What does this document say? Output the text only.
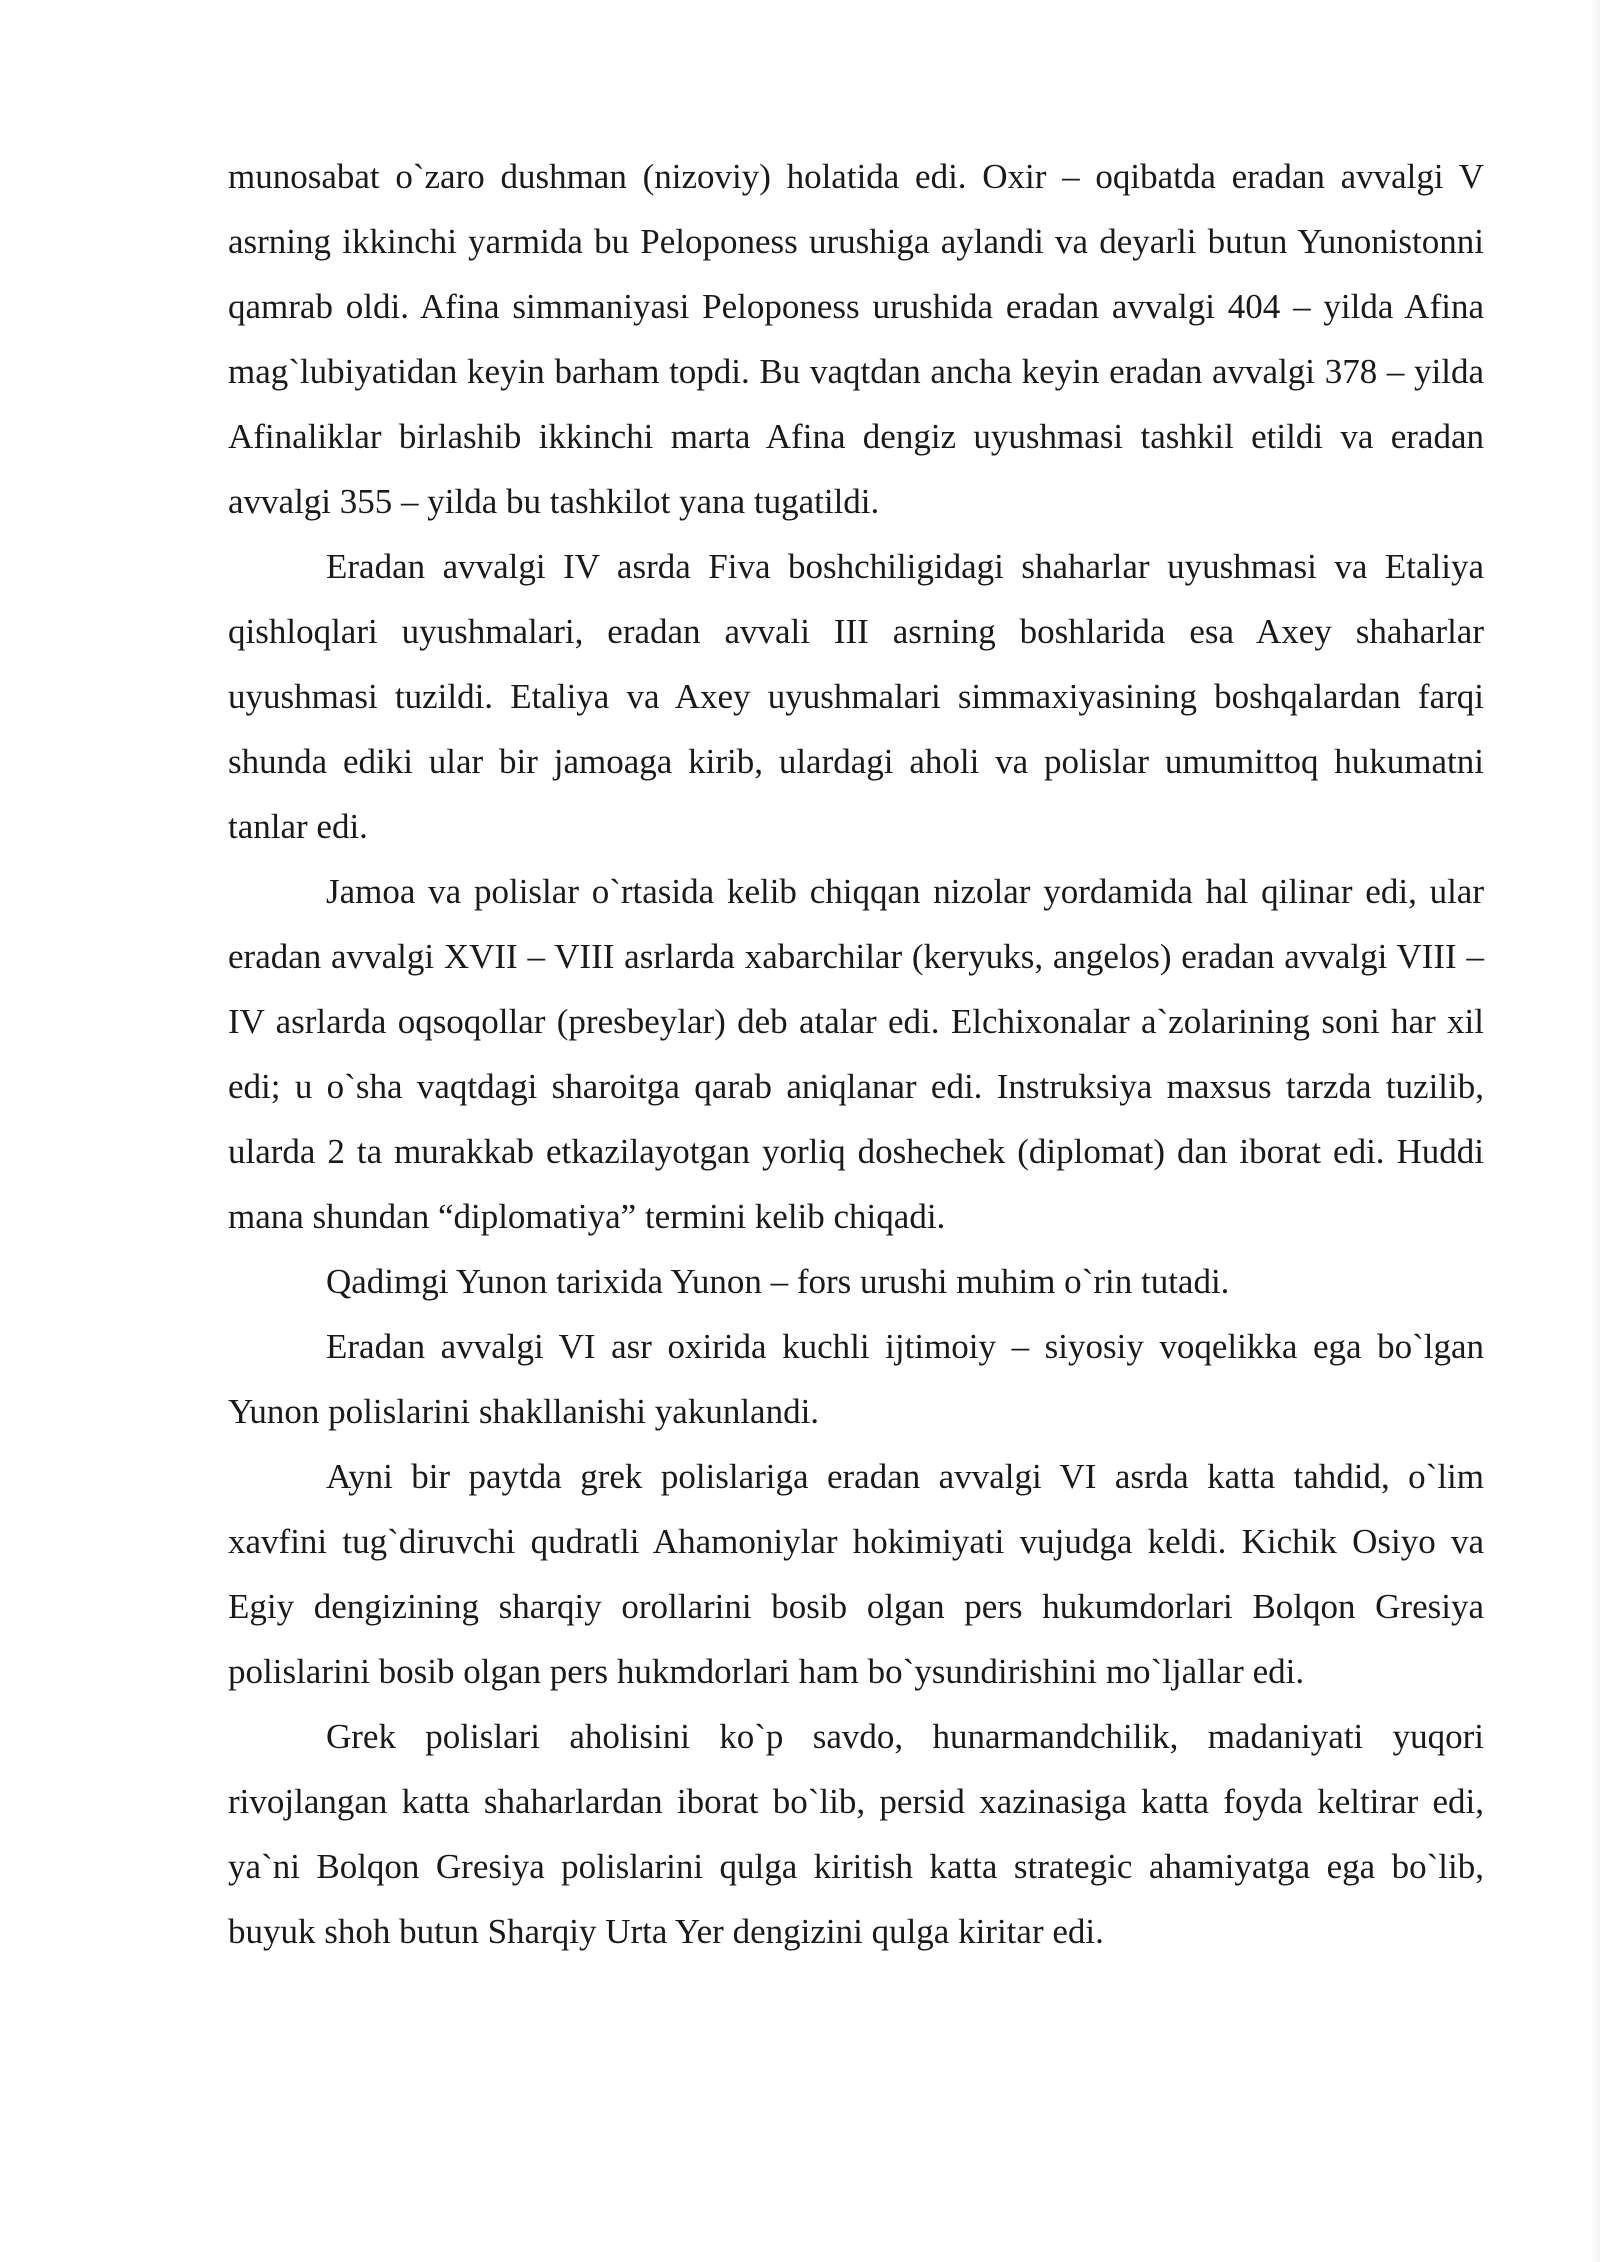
munosabat o`zaro dushman (nizoviy) holatida edi. Oxir – oqibatda eradan avvalgi V asrning ikkinchi yarmida bu Peloponess urushiga aylandi va deyarli butun Yunonistonni qamrab oldi. Afina simmaniyasi Peloponess urushida eradan avvalgi 404 – yilda Afina mag`lubiyatidan keyin barham topdi. Bu vaqtdan ancha keyin eradan avvalgi 378 – yilda Afinaliklar birlashib ikkinchi marta Afina dengiz uyushmasi tashkil etildi va eradan avvalgi 355 – yilda bu tashkilot yana tugatildi.

Eradan avvalgi IV asrda Fiva boshchiligidagi shaharlar uyushmasi va Etaliya qishloqlari uyushmalari, eradan avvali III asrning boshlarida esa Axey shaharlar uyushmasi tuzildi. Etaliya va Axey uyushmalari simmaxiyasining boshqalardan farqi shunda ediki ular bir jamoaga kirib, ulardagi aholi va polislar umumittoq hukumatni tanlar edi.

Jamoa va polislar o`rtasida kelib chiqqan nizolar yordamida hal qilinar edi, ular eradan avvalgi XVII – VIII asrlarda xabarchilar (keryuks, angelos) eradan avvalgi VIII – IV asrlarda oqsoqollar (presbeylar) deb atalar edi. Elchixonalar a`zolarining soni har xil edi; u o`sha vaqtdagi sharoitga qarab aniqlanar edi. Instruksiya maxsus tarzda tuzilib, ularda 2 ta murakkab etkazilayotgan yorliq doshechek (diplomat) dan iborat edi. Huddi mana shundan “diplomatiya” termini kelib chiqadi.

Qadimgi Yunon tarixida Yunon – fors urushi muhim o`rin tutadi.

Eradan avvalgi VI asr oxirida kuchli ijtimoiy – siyosiy voqelikka ega bo`lgan Yunon polislarini shakllanishi yakunlandi.

Ayni bir paytda grek polislariga eradan avvalgi VI asrda katta tahdid, o`lim xavfini tug`diruvchi qudratli Ahamoniylar hokimiyati vujudga keldi. Kichik Osiyo va Egiy dengizining sharqiy orollarini bosib olgan pers hukumdorlari Bolqon Gresiya polislarini bosib olgan pers hukmdorlari ham bo`ysundirishini mo`ljallar edi.

Grek polislari aholisini ko`p savdo, hunarmandchilik, madaniyati yuqori rivojlangan katta shaharlardan iborat bo`lib, persid xazinasiga katta foyda keltirar edi, ya`ni Bolqon Gresiya polislarini qulga kiritish katta strategic ahamiyatga ega bo`lib, buyuk shoh butun Sharqiy Urta Yer dengizini qulga kiritar edi.
